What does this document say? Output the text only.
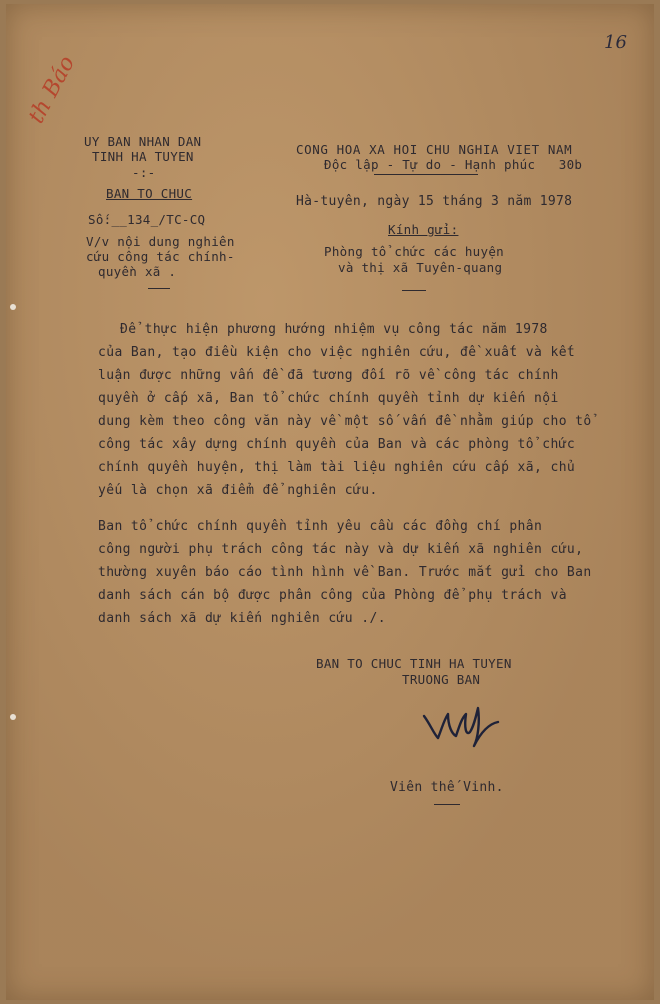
th Báo
16
UY BAN NHAN DAN
TINH HA TUYEN
-:-
BAN TO CHUC
Số:__134_/TC-CQ
V/v nội dung nghiên
cứu công tác chính-
quyền xã .
CONG HOA XA HOI CHU NGHIA VIET NAM
Độc lập - Tự do - Hạnh phúc   30b
Hà-tuyên, ngày 15 tháng 3 năm 1978
Kính gửi:
Phòng tổ chức các huyện
và thị xã Tuyên-quang
Để thực hiện phương hướng nhiệm vụ công tác năm 1978
của Ban, tạo điều kiện cho việc nghiên cứu, đề xuất và kết
luận được những vấn đề đã tương đối rõ về công tác chính
quyền ở cấp xã, Ban tổ chức chính quyền tỉnh dự kiến nội
dung kèm theo công văn này về một số vấn đề nhằm giúp cho tổ
công tác xây dựng chính quyền của Ban và các phòng tổ chức
chính quyền huyện, thị làm tài liệu nghiên cứu cấp xã, chủ
yếu là chọn xã điểm để nghiên cứu.
Ban tổ chức chính quyền tỉnh yêu cầu các đồng chí phân
công người phụ trách công tác này và dự kiến xã nghiên cứu,
thường xuyên báo cáo tình hình về Ban. Trước mắt gửi cho Ban
danh sách cán bộ được phân công của Phòng để phụ trách và
danh sách xã dự kiến nghiên cứu ./.
BAN TO CHUC TINH HA TUYEN
TRUONG BAN
Viên thế Vinh.
